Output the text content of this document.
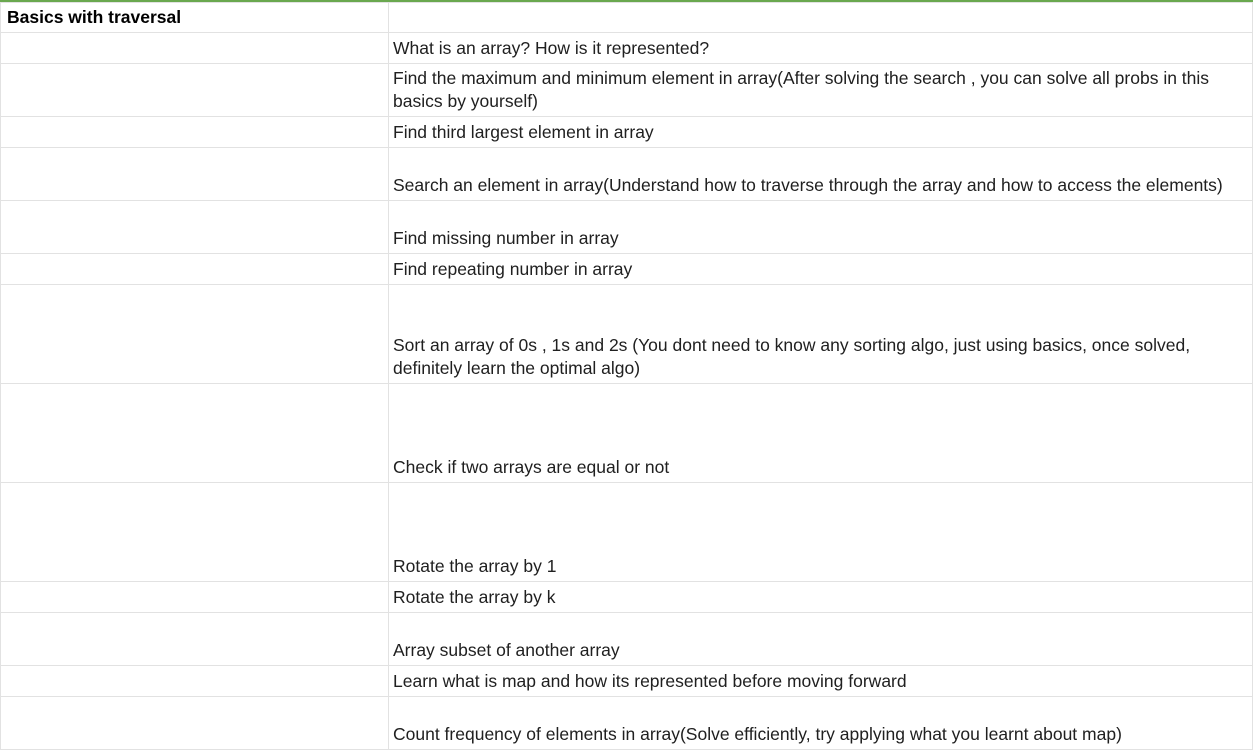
Basics with traversal	
	What is an array? How is it represented?
	Find the maximum and minimum element in array(After solving the search , you can solve all probs in this basics by yourself)
	Find third largest element in array
	Search an element in array(Understand how to traverse through the array and how to access the elements)
	Find missing number in array
	Find repeating number in array
	Sort an array of 0s , 1s and 2s (You dont need to know any sorting algo, just using basics, once solved, definitely learn the optimal algo)
	Check if two arrays are equal or not
	Rotate the array by 1
	Rotate the array by k
	Array subset of another array
	Learn what is map and how its represented before moving forward
	Count frequency of elements in array(Solve efficiently, try applying what you learnt about map)
